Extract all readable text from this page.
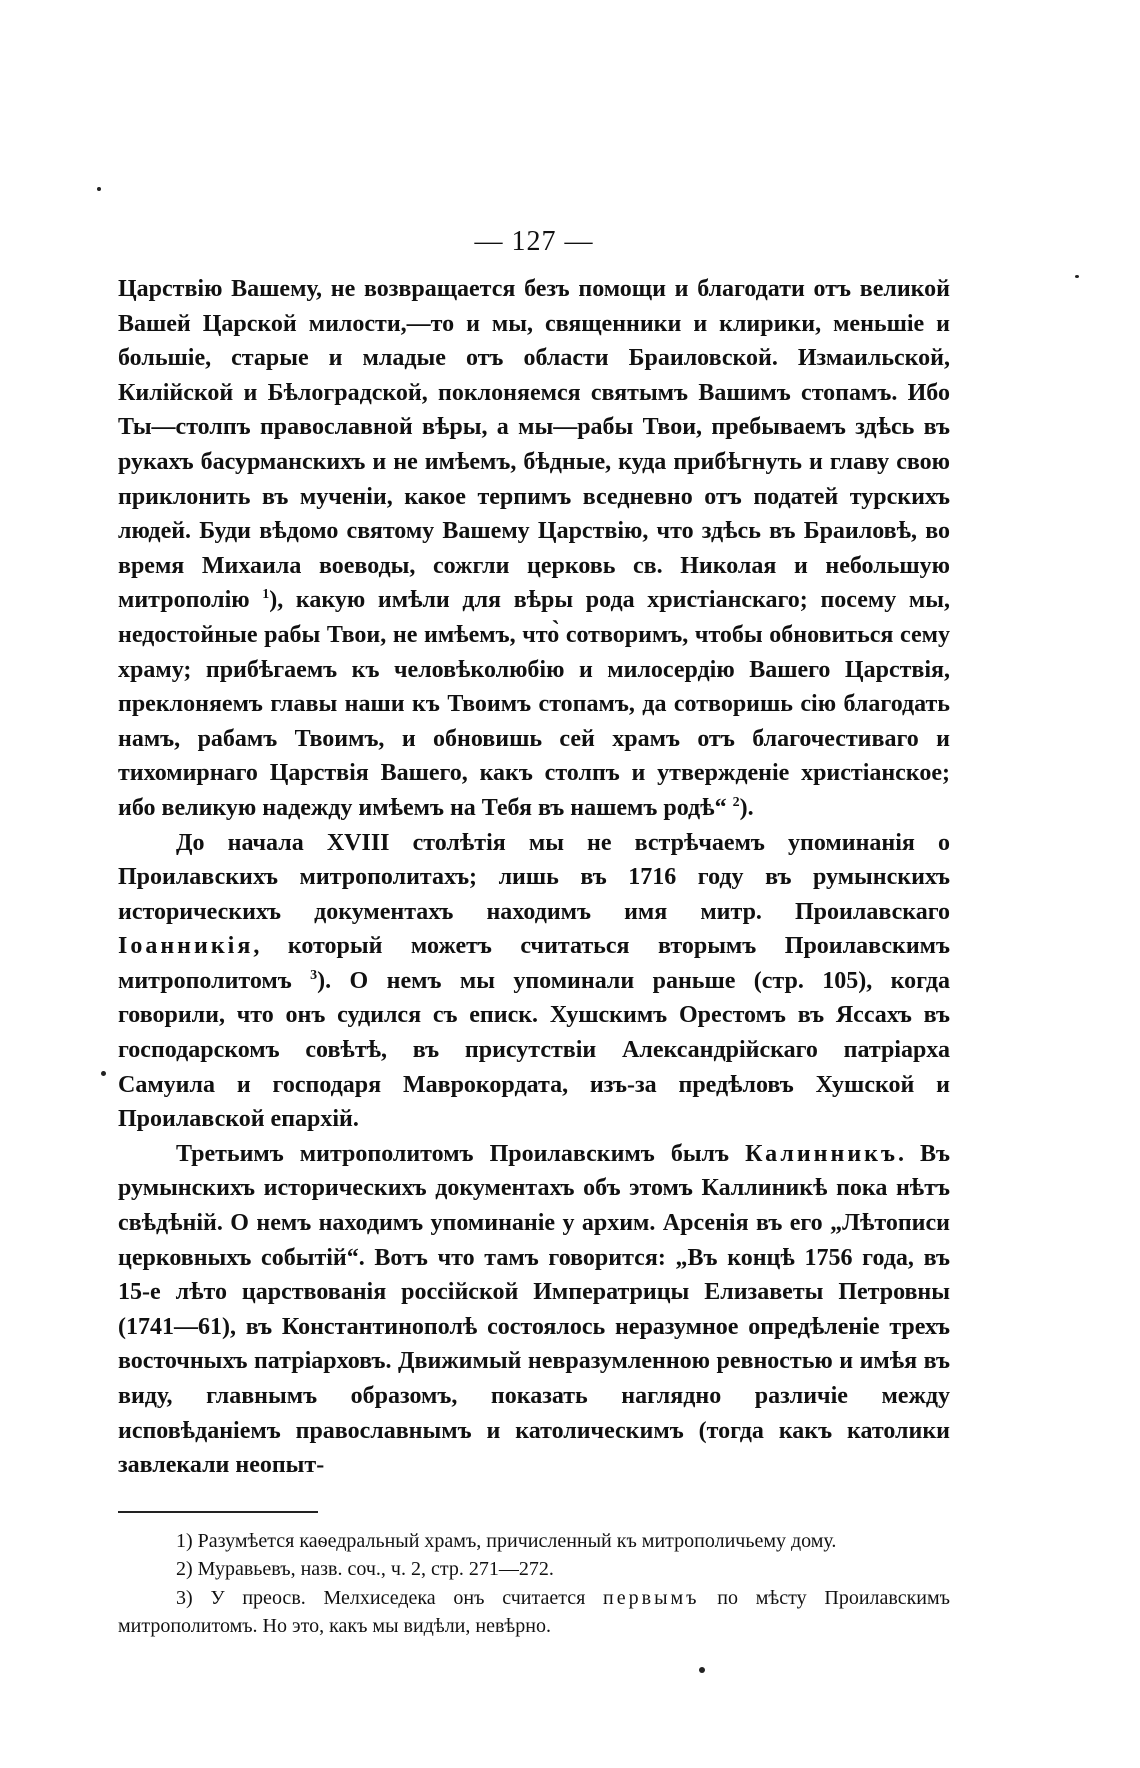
— 127 —

Царствію Вашему, не возвращается безъ помощи и благодати отъ великой Вашей Царской милости,—то и мы, священники и клирики, меньшіе и большіе, старые и младые отъ области Браиловской. Измаильской, Килійской и Бѣлоградской, поклоняемся святымъ Вашимъ стопамъ. Ибо Ты—столпъ православной вѣры, а мы—рабы Твои, пребываемъ здѣсь въ рукахъ басурманскихъ и не имѣемъ, бѣдные, куда прибѣгнуть и главу свою приклонить въ мученіи, какое терпимъ вседневно отъ податей турскихъ людей. Буди вѣдомо святому Вашему Царствію, что здѣсь въ Браиловѣ, во время Михаила воеводы, сожгли церковь св. Николая и небольшую митрополію $^1$), какую имѣли для вѣры рода христіанскаго; посему мы, недостойные рабы Твои, не имѣемъ, что̀ сотворимъ, чтобы обновиться сему храму; прибѣгаемъ къ человѣколюбію и милосердію Вашего Царствія, преклоняемъ главы наши къ Твоимъ стопамъ, да сотворишь сію благодать намъ, рабамъ Твоимъ, и обновишь сей храмъ отъ благочестиваго и тихомирнаго Царствія Вашего, какъ столпъ и утвержденіе христіанское; ибо великую надежду имѣемъ на Тебя въ нашемъ родѣ“ $^2$).

До начала XVIII столѣтія мы не встрѣчаемъ упоминанія о Проилавскихъ митрополитахъ; лишь въ 1716 году въ румынскихъ историческихъ документахъ находимъ имя митр. Проилавскаго Іоанникія, который можетъ считаться вторымъ Проилавскимъ митрополитомъ $^3$). О немъ мы упоминали раньше (стр. 105), когда говорили, что онъ судился съ еписк. Хушскимъ Орестомъ въ Яссахъ въ господарскомъ совѣтѣ, въ присутствіи Александрійскаго патріарха Самуила и господаря Маврокордата, изъ-за предѣловъ Хушской и Проилавской епархій.

Третьимъ митрополитомъ Проилавскимъ былъ Калинникъ. Въ румынскихъ историческихъ документахъ объ этомъ Каллиникѣ пока нѣтъ свѣдѣній. О немъ находимъ упоминаніе у архим. Арсенія въ его „Лѣтописи церковныхъ событій“. Вотъ что тамъ говорится: „Въ концѣ 1756 года, въ 15-е лѣто царствованія россійской Императрицы Елизаветы Петровны (1741—61), въ Константинополѣ состоялось неразумное опредѣленіе трехъ восточныхъ патріарховъ. Движимый невразумленною ревностью и имѣя въ виду, главнымъ образомъ, показать наглядно различіе между исповѣданіемъ православнымъ и католическимъ (тогда какъ католики завлекали неопыт-

1) Разумѣется каѳедральный храмъ, причисленный къ митрополичьему дому.

2) Муравьевъ, назв. соч., ч. 2, стр. 271—272.

3) У преосв. Мелхиседека онъ считается первымъ по мѣсту Проилавскимъ митрополитомъ. Но это, какъ мы видѣли, невѣрно.
